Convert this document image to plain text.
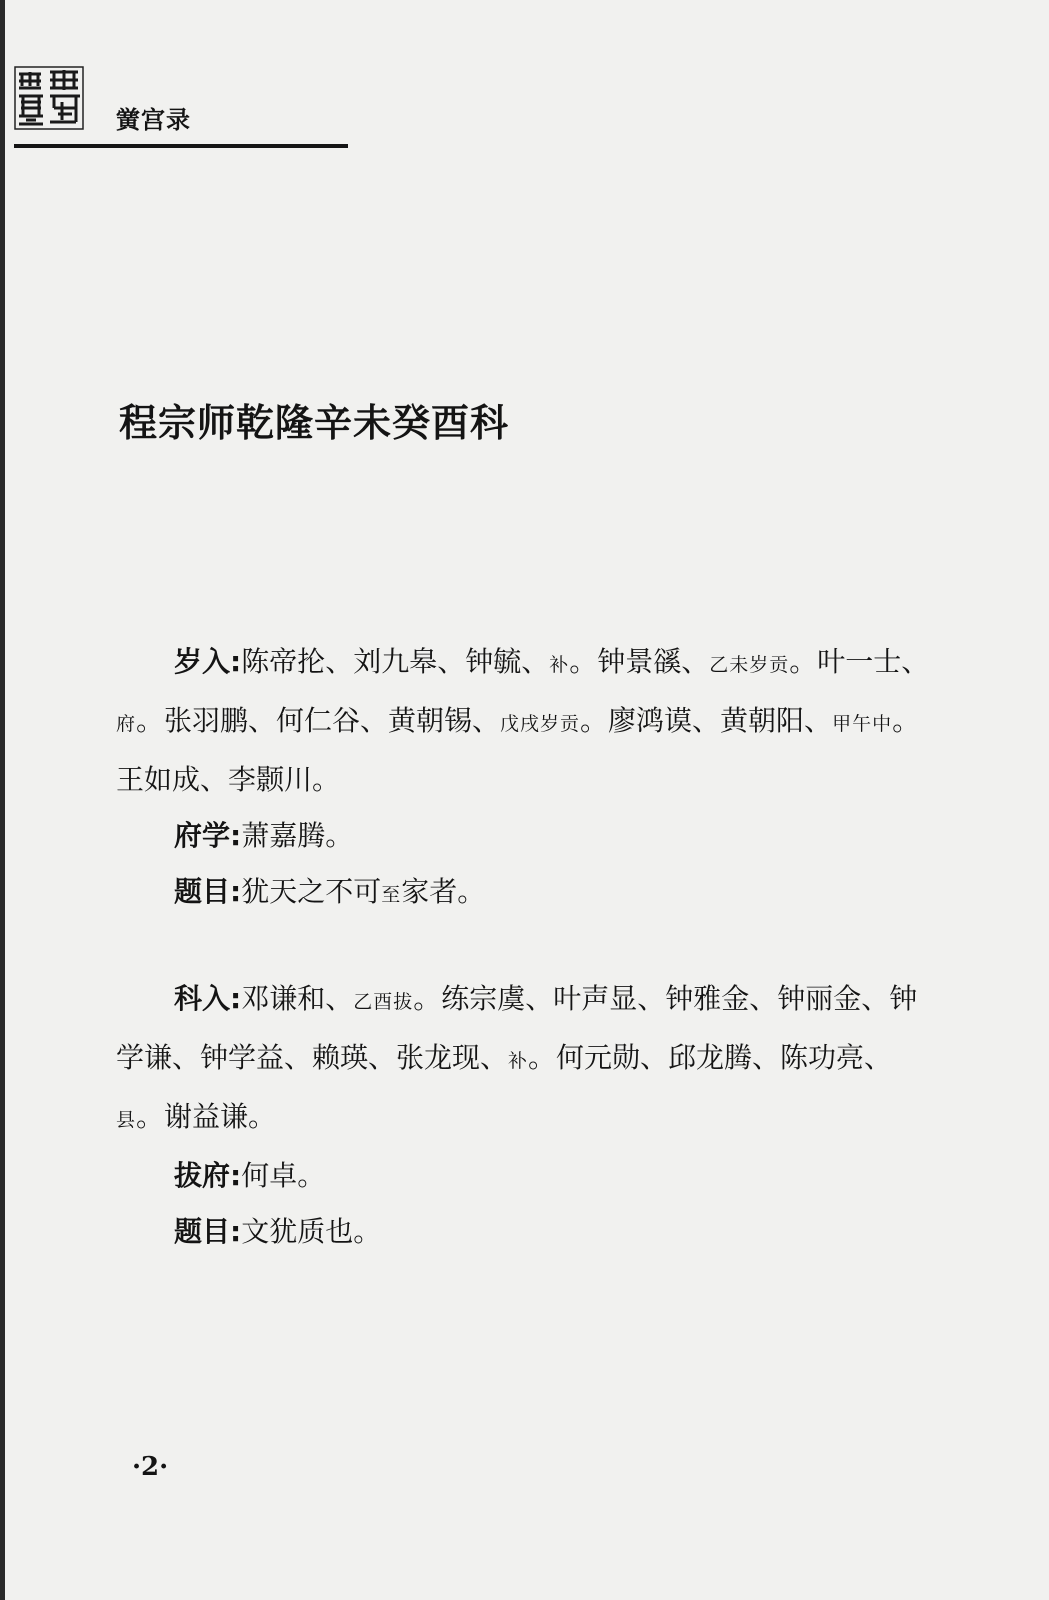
黉宫录
程宗师乾隆辛未癸酉科

岁入:陈帝抡、刘九皋、钟毓、补。钟景豀、乙未岁贡。叶一士、府。张羽鹏、何仁谷、黄朝锡、戊戌岁贡。廖鸿谟、黄朝阳、甲午中。王如成、李颢川。

府学:萧嘉腾。

题目:犹天之不可至家者。

科入:邓谦和、乙酉拔。练宗虞、叶声显、钟雅金、钟丽金、钟学谦、钟学益、赖瑛、张龙现、补。何元勋、邱龙腾、陈功亮、县。谢益谦。

拔府:何卓。

题目:文犹质也。

·2·
